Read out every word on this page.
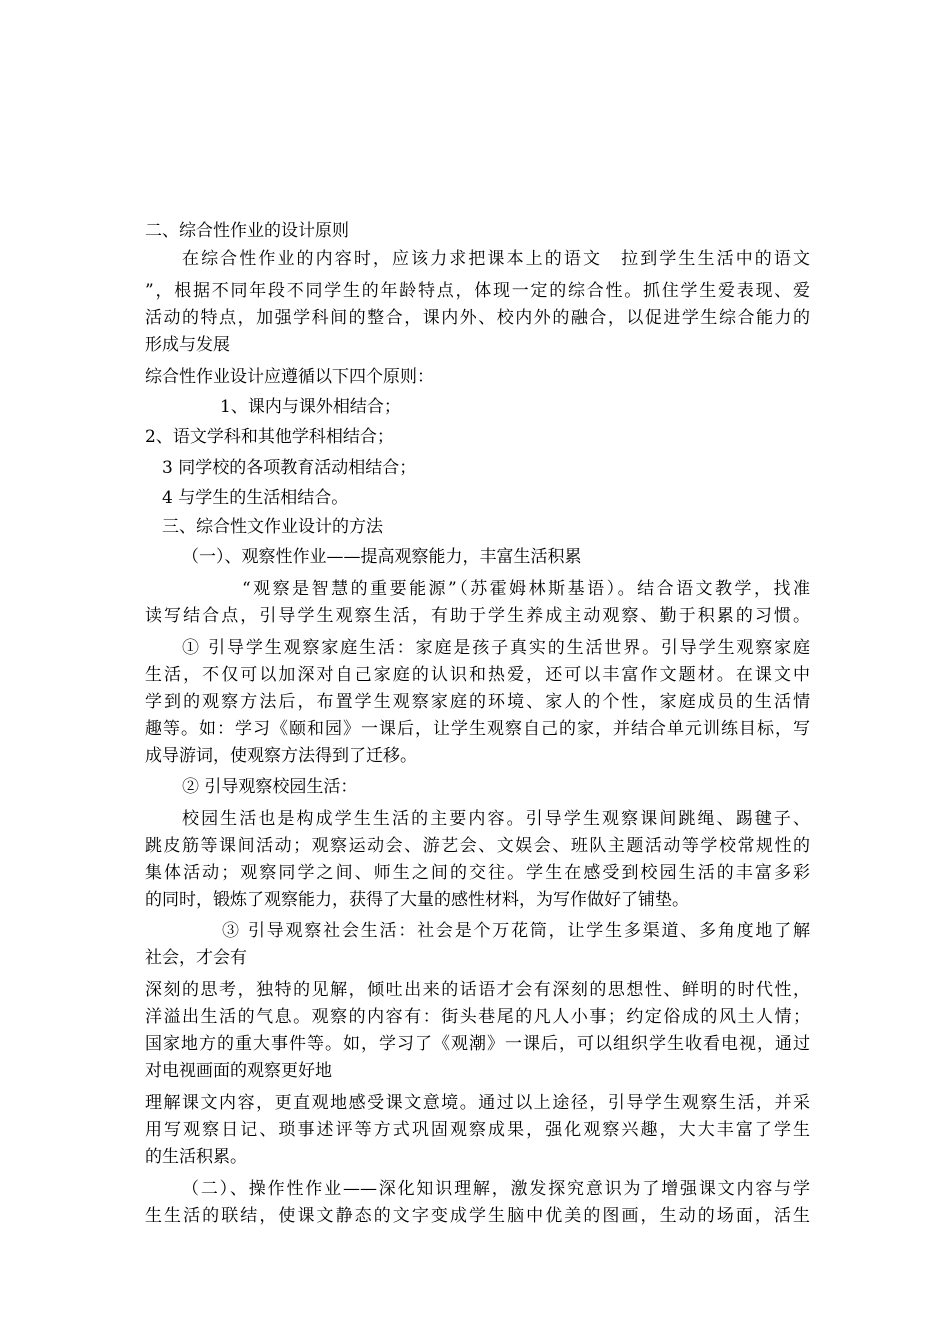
二、综合性作业的设计原则
在综合性作业的内容时，应该力求把课本上的语文　拉到学生生活中的语文
”，根据不同年段不同学生的年龄特点，体现一定的综合性。抓住学生爱表现、爱
活动的特点，加强学科间的整合，课内外、校内外的融合，以促进学生综合能力的
形成与发展
综合性作业设计应遵循以下四个原则：
1、课内与课外相结合；
2、语文学科和其他学科相结合；
3 同学校的各项教育活动相结合；
4 与学生的生活相结合。
三、综合性文作业设计的方法
（一）、观察性作业——提高观察能力，丰富生活积累
“观察是智慧的重要能源”（苏霍姆林斯基语）。结合语文教学，找准
读写结合点，引导学生观察生活，有助于学生养成主动观察、勤于积累的习惯。
① 引导学生观察家庭生活：家庭是孩子真实的生活世界。引导学生观察家庭
生活，不仅可以加深对自己家庭的认识和热爱，还可以丰富作文题材。在课文中
学到的观察方法后，布置学生观察家庭的环境、家人的个性，家庭成员的生活情
趣等。如：学习《颐和园》一课后，让学生观察自己的家，并结合单元训练目标，写
成导游词，使观察方法得到了迁移。
② 引导观察校园生活：
校园生活也是构成学生生活的主要内容。引导学生观察课间跳绳、踢毽子、
跳皮筋等课间活动；观察运动会、游艺会、文娱会、班队主题活动等学校常规性的
集体活动；观察同学之间、师生之间的交往。学生在感受到校园生活的丰富多彩
的同时，锻炼了观察能力，获得了大量的感性材料，为写作做好了铺垫。
③ 引导观察社会生活：社会是个万花筒，让学生多渠道、多角度地了解
社会，才会有
深刻的思考，独特的见解，倾吐出来的话语才会有深刻的思想性、鲜明的时代性，
洋溢出生活的气息。观察的内容有：街头巷尾的凡人小事；约定俗成的风土人情；
国家地方的重大事件等。如，学习了《观潮》一课后，可以组织学生收看电视，通过
对电视画面的观察更好地
理解课文内容，更直观地感受课文意境。通过以上途径，引导学生观察生活，并采
用写观察日记、琐事述评等方式巩固观察成果，强化观察兴趣，大大丰富了学生
的生活积累。
（二）、操作性作业——深化知识理解，激发探究意识为了增强课文内容与学
生生活的联结，使课文静态的文字变成学生脑中优美的图画，生动的场面，活生
